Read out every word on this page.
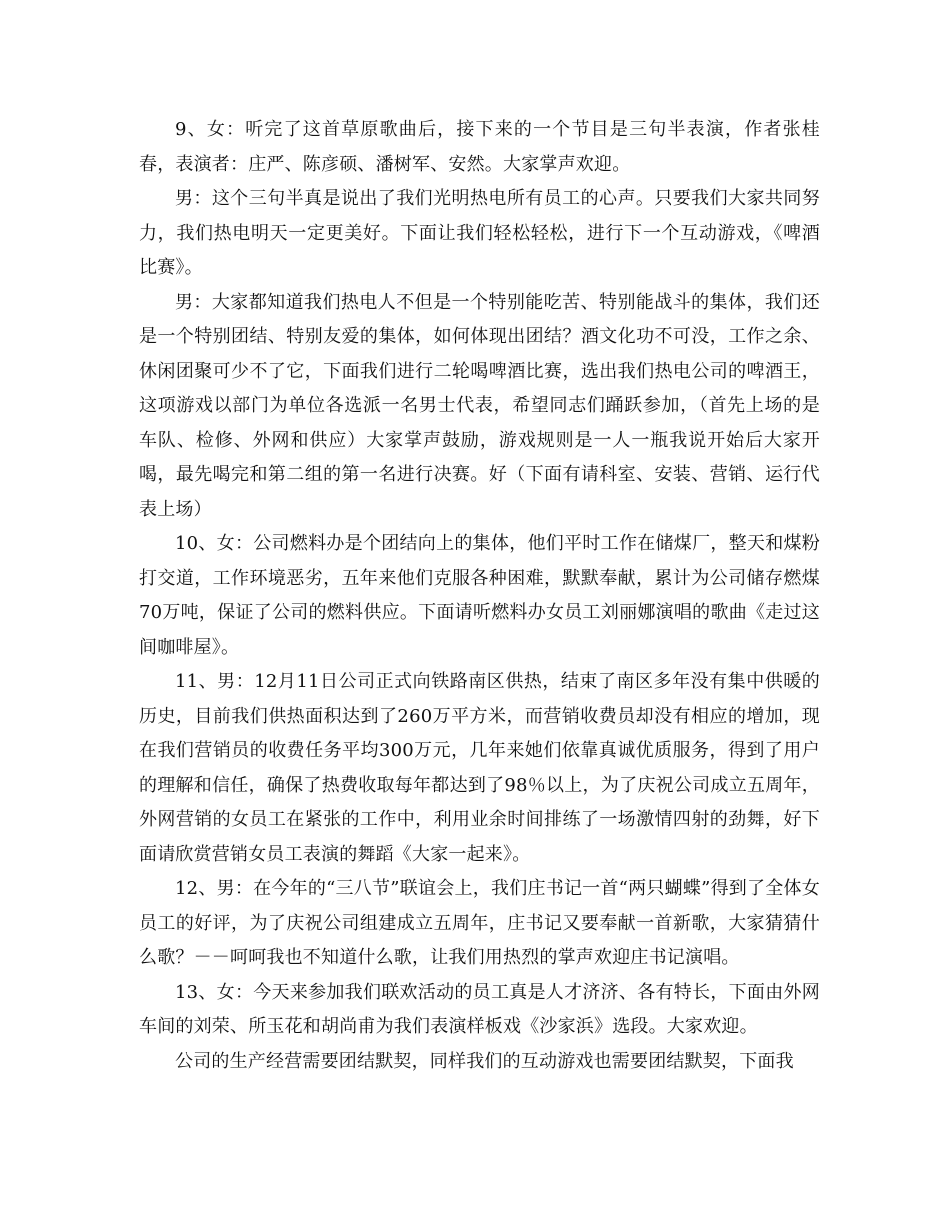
9、女：听完了这首草原歌曲后，接下来的一个节目是三句半表演，作者张桂春，表演者：庄严、陈彦硕、潘树军、安然。大家掌声欢迎。

男：这个三句半真是说出了我们光明热电所有员工的心声。只要我们大家共同努力，我们热电明天一定更美好。下面让我们轻松轻松，进行下一个互动游戏，《啤酒比赛》。

男：大家都知道我们热电人不但是一个特别能吃苦、特别能战斗的集体，我们还是一个特别团结、特别友爱的集体，如何体现出团结？酒文化功不可没，工作之余、休闲团聚可少不了它，下面我们进行二轮喝啤酒比赛，选出我们热电公司的啤酒王，这项游戏以部门为单位各选派一名男士代表，希望同志们踊跃参加，（首先上场的是车队、检修、外网和供应）大家掌声鼓励，游戏规则是一人一瓶我说开始后大家开喝，最先喝完和第二组的第一名进行决赛。好（下面有请科室、安装、营销、运行代表上场）

10、女：公司燃料办是个团结向上的集体，他们平时工作在储煤厂，整天和煤粉打交道，工作环境恶劣，五年来他们克服各种困难，默默奉献，累计为公司储存燃煤70万吨，保证了公司的燃料供应。下面请听燃料办女员工刘丽娜演唱的歌曲《走过这间咖啡屋》。

11、男：12月11日公司正式向铁路南区供热，结束了南区多年没有集中供暖的历史，目前我们供热面积达到了260万平方米，而营销收费员却没有相应的增加，现在我们营销员的收费任务平均300万元，几年来她们依靠真诚优质服务，得到了用户的理解和信任，确保了热费收取每年都达到了98％以上，为了庆祝公司成立五周年，外网营销的女员工在紧张的工作中，利用业余时间排练了一场激情四射的劲舞，好下面请欣赏营销女员工表演的舞蹈《大家一起来》。

12、男：在今年的“三八节”联谊会上，我们庄书记一首“两只蝴蝶”得到了全体女员工的好评，为了庆祝公司组建成立五周年，庄书记又要奉献一首新歌，大家猜猜什么歌？－－呵呵我也不知道什么歌，让我们用热烈的掌声欢迎庄书记演唱。

13、女：今天来参加我们联欢活动的员工真是人才济济、各有特长，下面由外网车间的刘荣、所玉花和胡尚甫为我们表演样板戏《沙家浜》选段。大家欢迎。

公司的生产经营需要团结默契，同样我们的互动游戏也需要团结默契，下面我
